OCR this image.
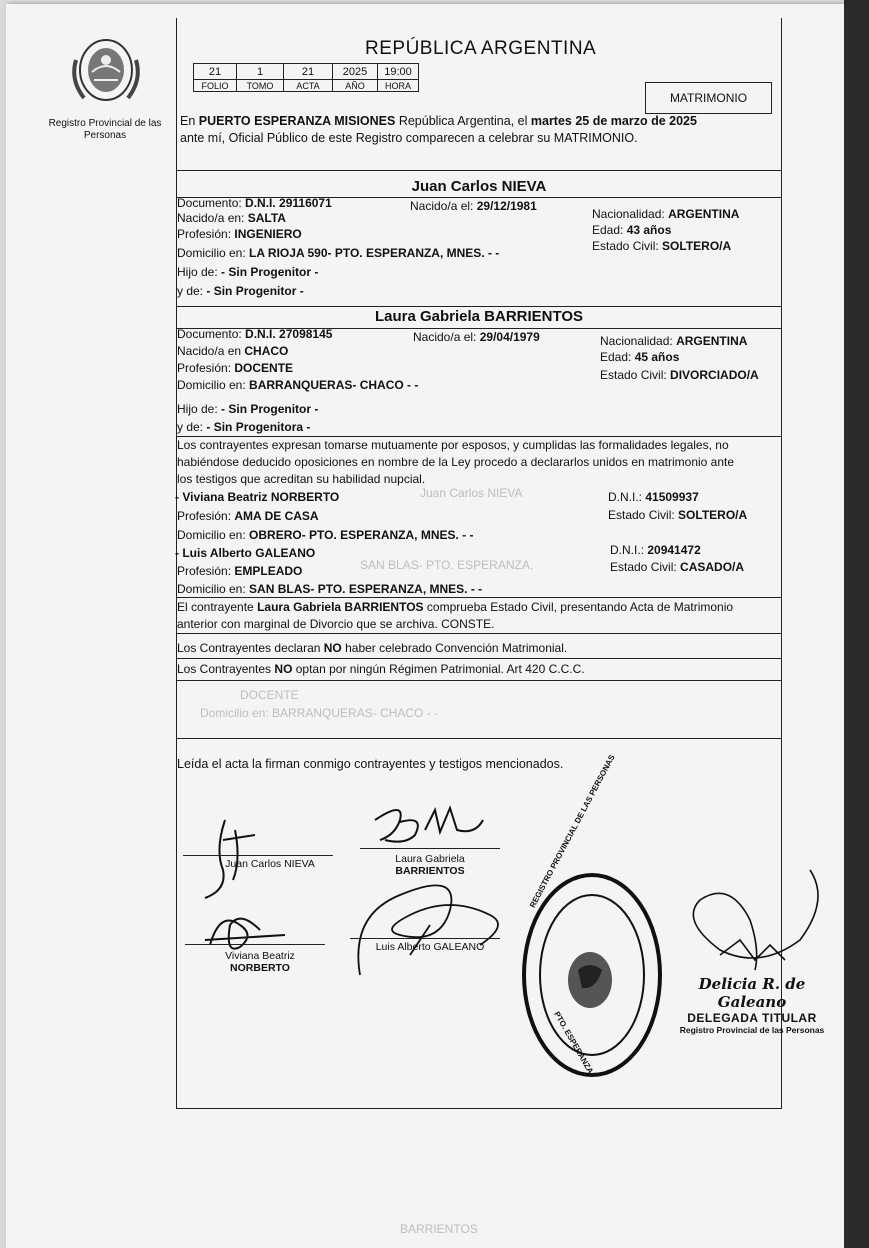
Registro Provincial de las Personas
REPÚBLICA ARGENTINA
21	1	21	2025	19:00
FOLIO	TOMO	ACTA	AÑO	HORA
MATRIMONIO
En PUERTO ESPERANZA MISIONES República Argentina, el martes 25 de marzo de 2025
ante mí, Oficial Público de este Registro comparecen a celebrar su MATRIMONIO.
Juan Carlos NIEVA
Documento: D.N.I. 29116071
Nacido/a en: SALTA
Profesión: INGENIERO
Domicilio en: LA RIOJA 590- PTO. ESPERANZA, MNES. - -
Nacido/a el: 29/12/1981
Nacionalidad: ARGENTINA
Edad: 43 años
Estado Civil: SOLTERO/A
Hijo de: - Sin Progenitor -
y de: - Sin Progenitor -
Laura Gabriela BARRIENTOS
Documento: D.N.I. 27098145
Nacido/a en CHACO
Profesión: DOCENTE
Domicilio en: BARRANQUERAS- CHACO - -
Nacido/a el: 29/04/1979	Nacionalidad: ARGENTINA
Edad: 45 años
Estado Civil: DIVORCIADO/A
Hijo de: - Sin Progenitor -
y de: - Sin Progenitora -
Los contrayentes expresan tomarse mutuamente por esposos, y cumplidas las formalidades legales, no
habiéndose deducido oposiciones en nombre de la Ley procedo a declararlos unidos en matrimonio ante
los testigos que acreditan su habilidad nupcial.
- Viviana Beatriz NORBERTO
Profesión: AMA DE CASA
Domicilio en: OBRERO- PTO. ESPERANZA, MNES. - -
D.N.I.: 41509937
Estado Civil: SOLTERO/A
- Luis Alberto GALEANO
Profesión: EMPLEADO
Domicilio en: SAN BLAS- PTO. ESPERANZA, MNES. - -
D.N.I.: 20941472
Estado Civil: CASADO/A
El contrayente Laura Gabriela BARRIENTOS comprueba Estado Civil, presentando Acta de Matrimonio
anterior con marginal de Divorcio que se archiva. CONSTE.
Los Contrayentes declaran NO haber celebrado Convención Matrimonial.
Los Contrayentes NO optan por ningún Régimen Patrimonial. Art 420 C.C.C.
DOCENTE
Domicilio en: BARRANQUERAS- CHACO - -
Juan Carlos NIEVA
SAN BLAS- PTO. ESPERANZA,
BARRIENTOS
Leída el acta la firman conmigo contrayentes y testigos mencionados.
Juan Carlos NIEVA	Laura Gabriela
BARRIENTOS
Viviana Beatriz
NORBERTO
Luis Alberto GALEANO
REGISTRO PROVINCIAL DE LAS PERSONAS
PTO. ESPERANZA
Delicia R. de Galeano
DELEGADA TITULAR
Registro Provincial de las Personas
